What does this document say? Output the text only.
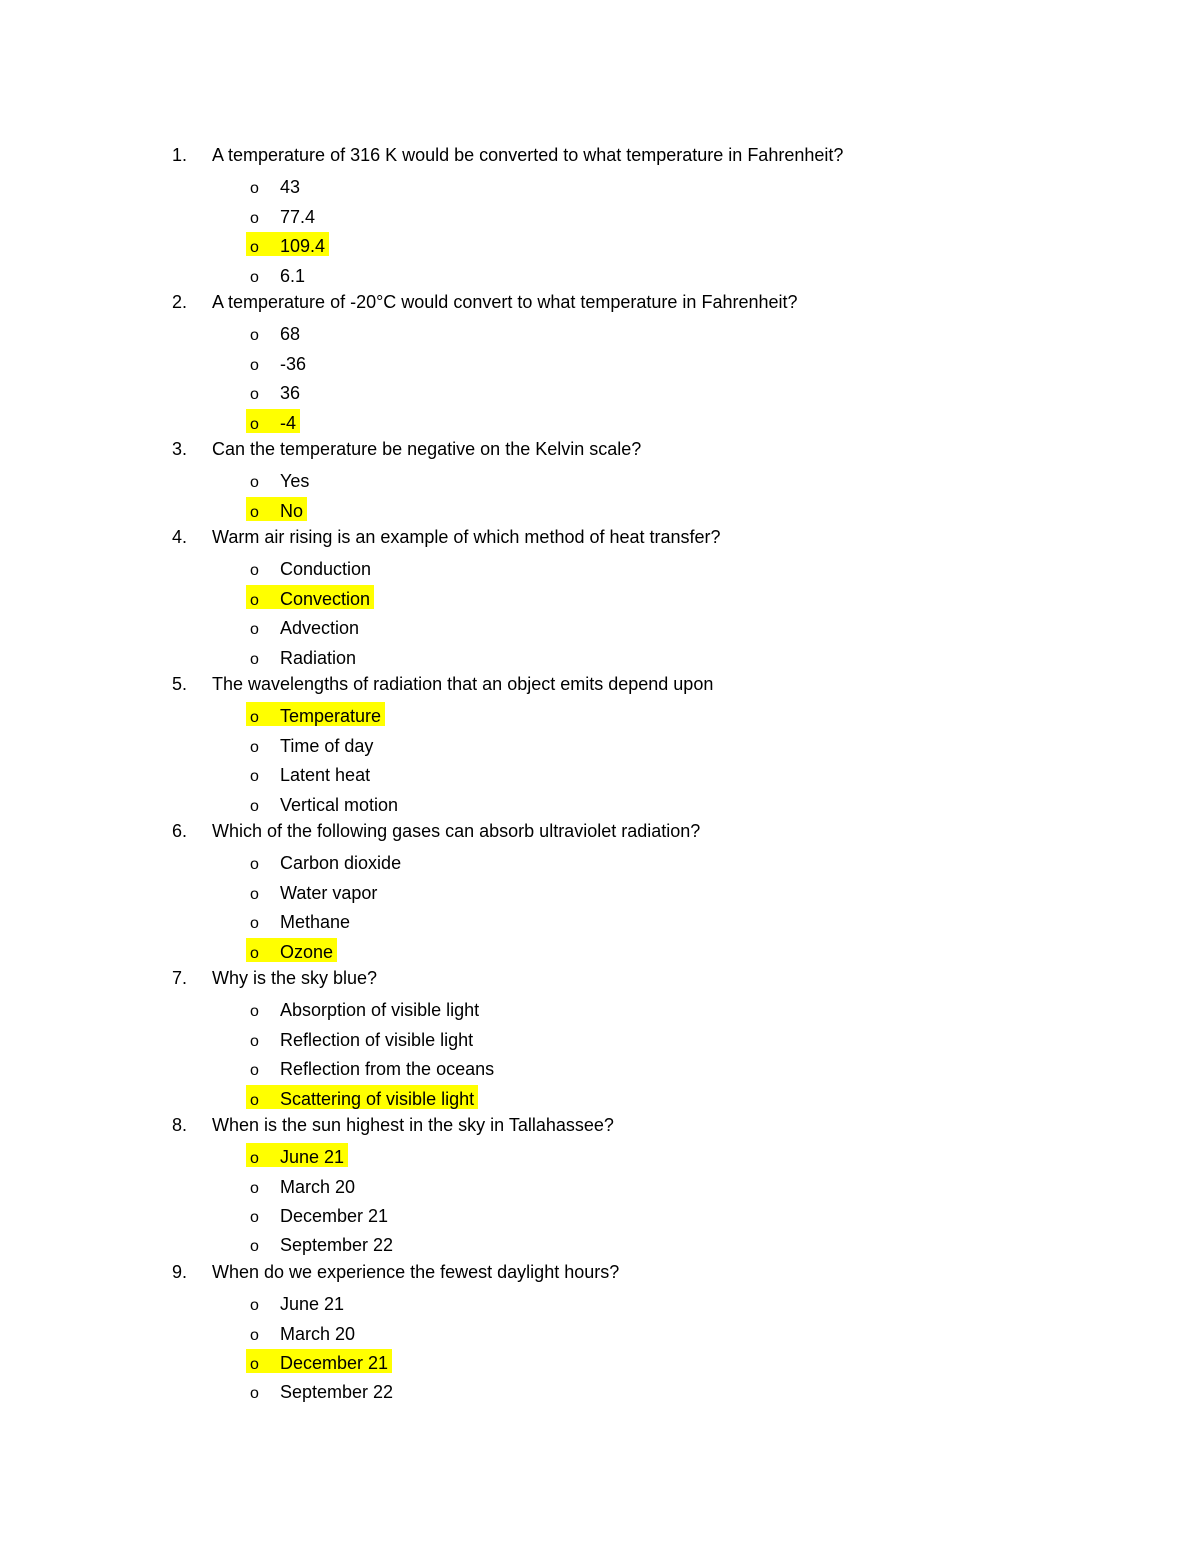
1.	A temperature of 316 K would be converted to what temperature in Fahrenheit?
o 43
o 77.4
o 109.4
o 6.1
2.	A temperature of -20°C would convert to what temperature in Fahrenheit?
o 68
o -36
o 36
o -4
3.	Can the temperature be negative on the Kelvin scale?
o Yes
o No
4.	Warm air rising is an example of which method of heat transfer?
o Conduction
o Convection
o Advection
o Radiation
5.	The wavelengths of radiation that an object emits depend upon
o Temperature
o Time of day
o Latent heat
o Vertical motion
6.	Which of the following gases can absorb ultraviolet radiation?
o Carbon dioxide
o Water vapor
o Methane
o Ozone
7.	Why is the sky blue?
o Absorption of visible light
o Reflection of visible light
o Reflection from the oceans
o Scattering of visible light
8.	When is the sun highest in the sky in Tallahassee?
o June 21
o March 20
o December 21
o September 22
9.	When do we experience the fewest daylight hours?
o June 21
o March 20
o December 21
o September 22
